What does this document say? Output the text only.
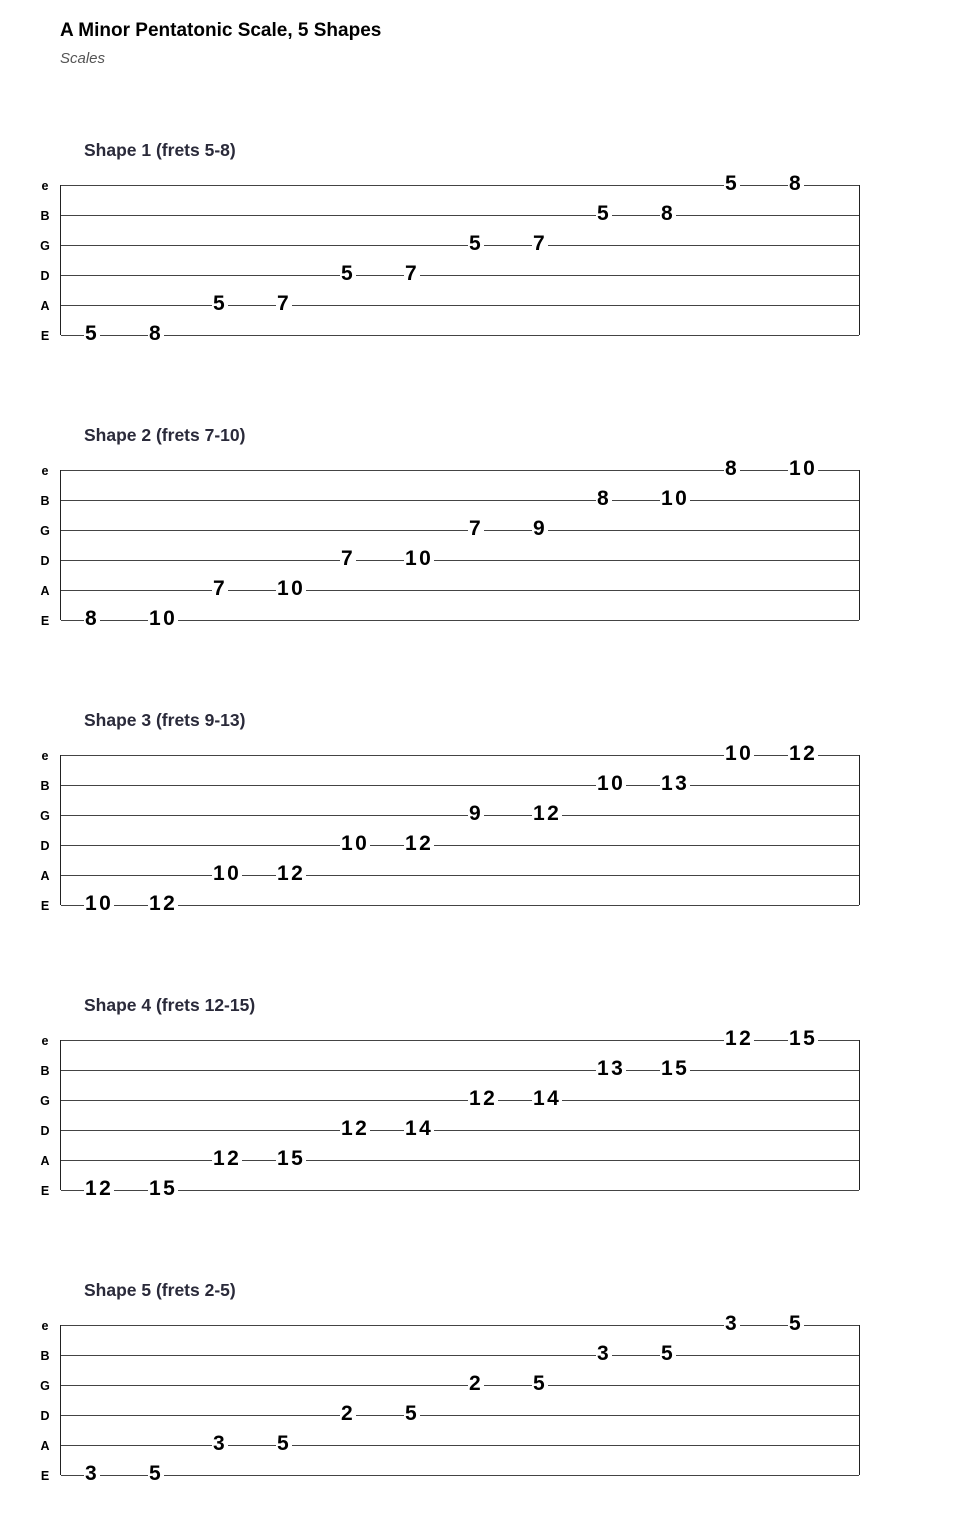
A Minor Pentatonic Scale, 5 Shapes
Scales
Shape 1 (frets 5-8)
e
B
G
D
A
E 5 8
5 7
5 7
5 7
5 8
5 8
Shape 2 (frets 7-10)
e
B
G
D
A
E 8 10
7 10
7 10
7 9
8 10
8 10
Shape 3 (frets 9-13)
e
B
G
D
A
E 10 12
10 12
10 12
9 12
10 13
10 12
Shape 4 (frets 12-15)
e
B
G
D
A
E 12 15
12 15
12 14
12 14
13 15
12 15
Shape 5 (frets 2-5)
e
B
G
D
A
E 3 5
3 5
2 5
2 5
3 5
3 5
